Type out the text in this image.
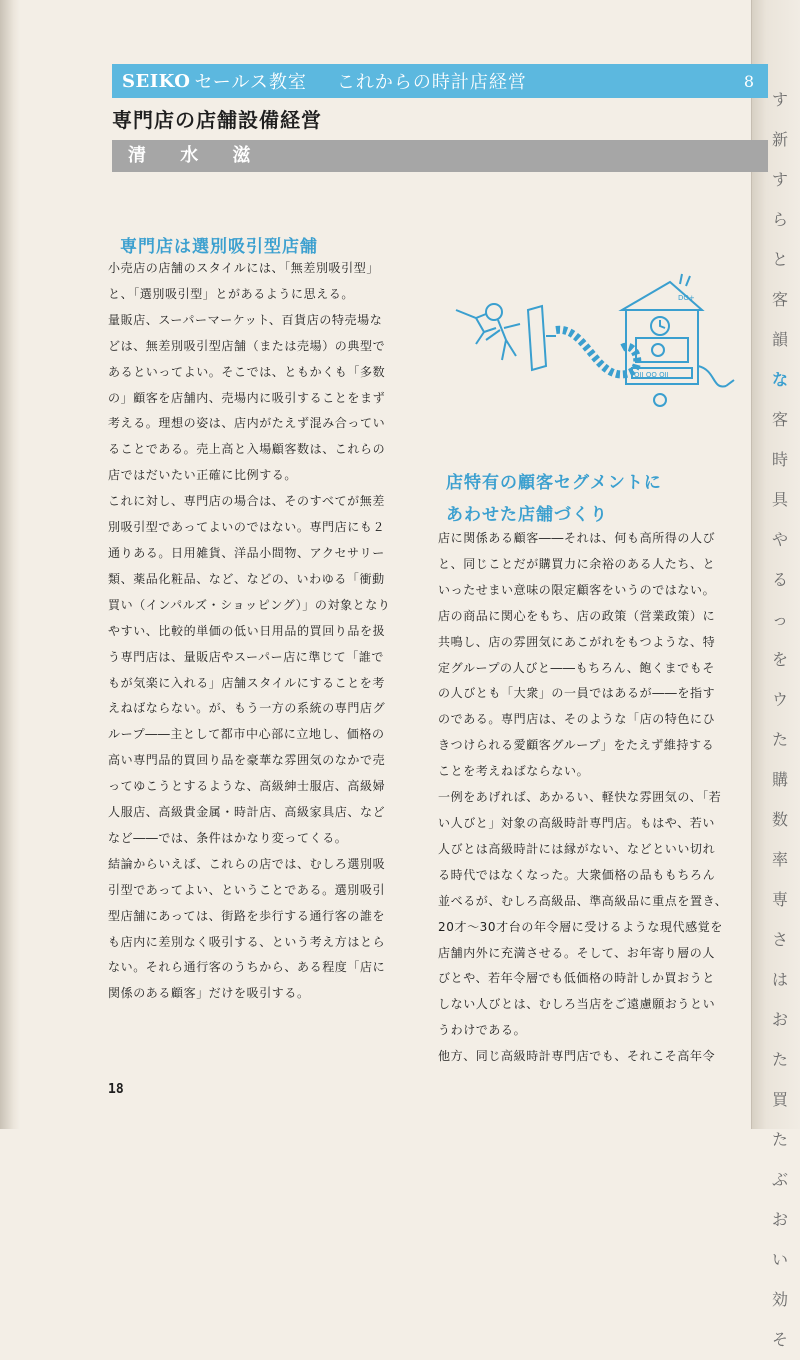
す
新
す
ら
と
客
韻
な
客
時
具
や
る
っ
を
ウ
た
購
数
率
専
さ
は
お
た
買
た
ぶ
お
い
効
そ
SEIKO セールス教室 これからの時計店経営	8
専門店の店舗設備経営
清 水 滋
専門店は選別吸引型店舗

小売店の店舗のスタイルには、「無差別吸引型」

と、「選別吸引型」とがあるように思える。

量販店、スーパーマーケット、百貨店の特売場な

どは、無差別吸引型店舗（または売場）の典型で

あるといってよい。そこでは、ともかくも「多数

の」顧客を店舗内、売場内に吸引することをまず

考える。理想の姿は、店内がたえず混み合ってい

ることである。売上高と入場顧客数は、これらの

店ではだいたい正確に比例する。

これに対し、専門店の場合は、そのすべてが無差

別吸引型であってよいのではない。専門店にも２

通りある。日用雑貨、洋品小間物、アクセサリー

類、薬品化粧品、など、などの、いわゆる「衝動

買い（インパルズ・ショッピング）」の対象となり

やすい、比較的単価の低い日用品的買回り品を扱

う専門店は、量販店やスーパー店に準じて「誰で

もが気楽に入れる」店舗スタイルにすることを考

えねばならない。が、もう一方の系統の専門店グ

ループ――主として都市中心部に立地し、価格の

高い専門品的買回り品を豪華な雰囲気のなかで売

ってゆこうとするような、高級紳士服店、高級婦

人服店、高級貴金属・時計店、高級家具店、など

など――では、条件はかなり変ってくる。

結論からいえば、これらの店では、むしろ選別吸

引型であってよい、ということである。選別吸引

型店舗にあっては、街路を歩行する通行客の誰を

も店内に差別なく吸引する、という考え方はとら

ない。それら通行客のうちから、ある程度「店に

関係のある顧客」だけを吸引する。

OII OO OII
DO+
店特有の顧客セグメントに
あわせた店舗づくり

店に関係ある顧客――それは、何も高所得の人び

と、同じことだが購買力に余裕のある人たち、と

いったせまい意味の限定顧客をいうのではない。

店の商品に関心をもち、店の政策（営業政策）に

共鳴し、店の雰囲気にあこがれをもつような、特

定グループの人びと――もちろん、飽くまでもそ

の人びとも「大衆」の一員ではあるが――を指す

のである。専門店は、そのような「店の特色にひ

きつけられる愛顧客グループ」をたえず維持する

ことを考えねばならない。

一例をあげれば、あかるい、軽快な雰囲気の、「若

い人びと」対象の高級時計専門店。もはや、若い

人びとは高級時計には縁がない、などといい切れ

る時代ではなくなった。大衆価格の品ももちろん

並べるが、むしろ高級品、準高級品に重点を置き、

20才～30才台の年令層に受けるような現代感覚を

店舗内外に充満させる。そして、お年寄り層の人

びとや、若年令層でも低価格の時計しか買おうと

しない人びとは、むしろ当店をご遠慮願おうとい

うわけである。

他方、同じ高級時計専門店でも、それこそ高年令

18
